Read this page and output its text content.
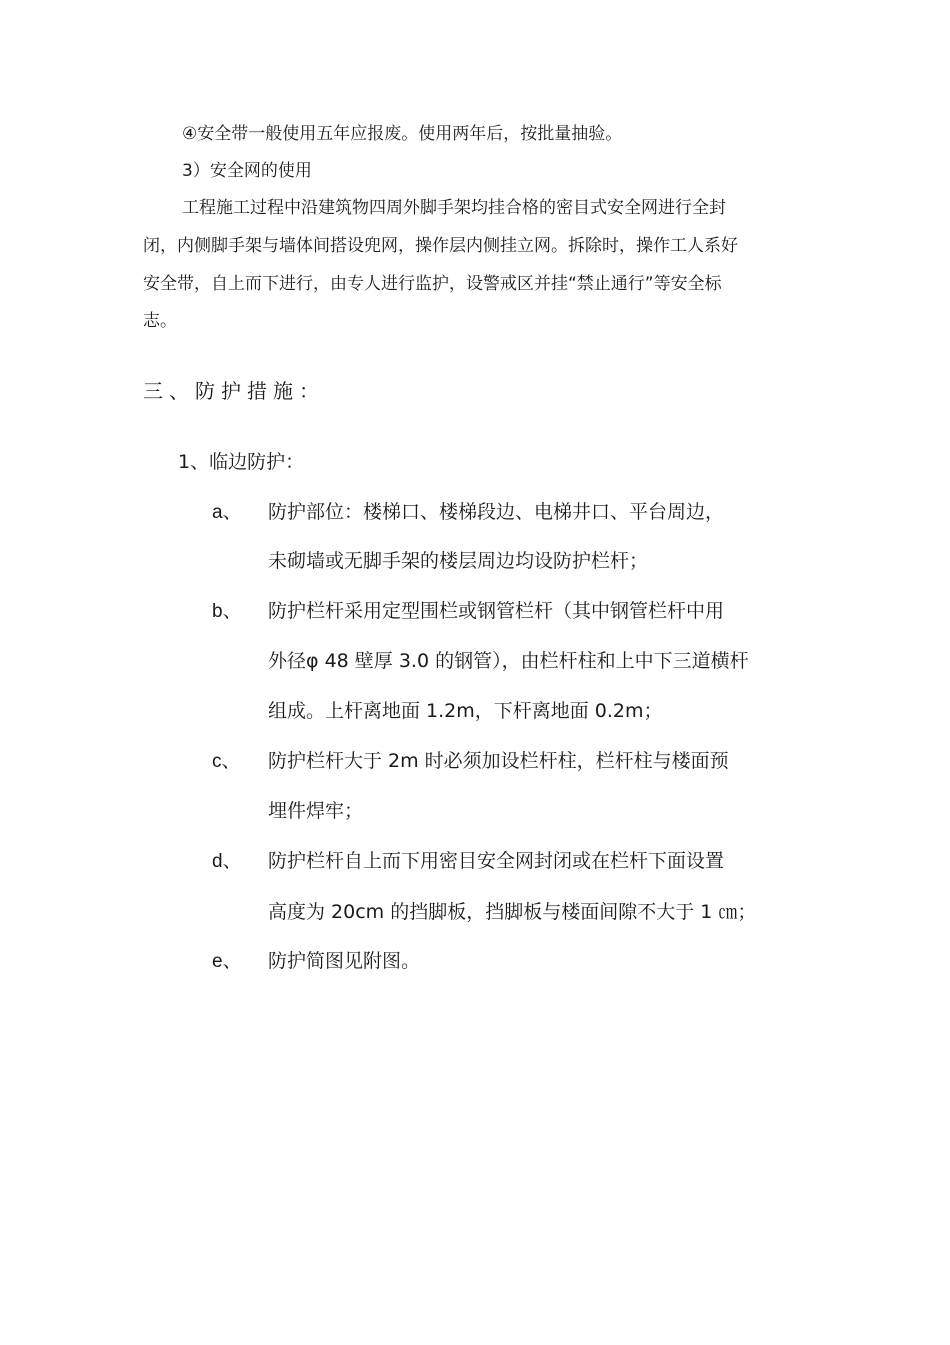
④安全带一般使用五年应报废。使用两年后，按批量抽验。
3）安全网的使用
工程施工过程中沿建筑物四周外脚手架均挂合格的密目式安全网进行全封
闭，内侧脚手架与墙体间搭设兜网，操作层内侧挂立网。拆除时，操作工人系好
安全带，自上而下进行，由专人进行监护，设警戒区并挂“禁止通行”等安全标
志。
三、防护措施：
1、临边防护：
a、 防护部位：楼梯口、楼梯段边、电梯井口、平台周边，
未砌墙或无脚手架的楼层周边均设防护栏杆；
b、 防护栏杆采用定型围栏或钢管栏杆（其中钢管栏杆中用
外径φ 48 壁厚 3.0 的钢管），由栏杆柱和上中下三道横杆
组成。上杆离地面 1.2m，下杆离地面 0.2m；
c、 防护栏杆大于 2m 时必须加设栏杆柱，栏杆柱与楼面预
埋件焊牢；
d、 防护栏杆自上而下用密目安全网封闭或在栏杆下面设置
高度为 20cm 的挡脚板，挡脚板与楼面间隙不大于 1 ㎝；
e、 防护简图见附图。
